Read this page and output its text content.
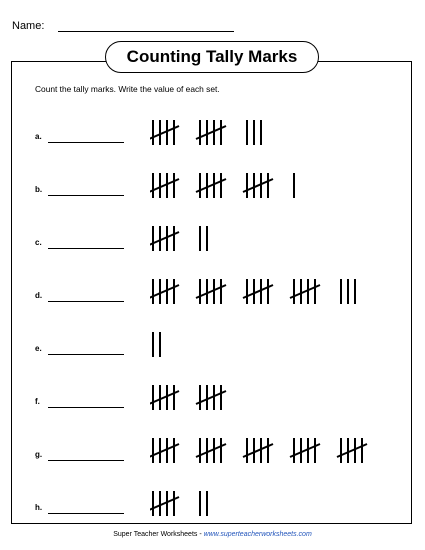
Name:
Counting Tally Marks
Count the tally marks. Write the value of each set.
a.
b.
c.
d.
e.
f.
g.
h.
Super Teacher Worksheets - www.superteacherworksheets.com
